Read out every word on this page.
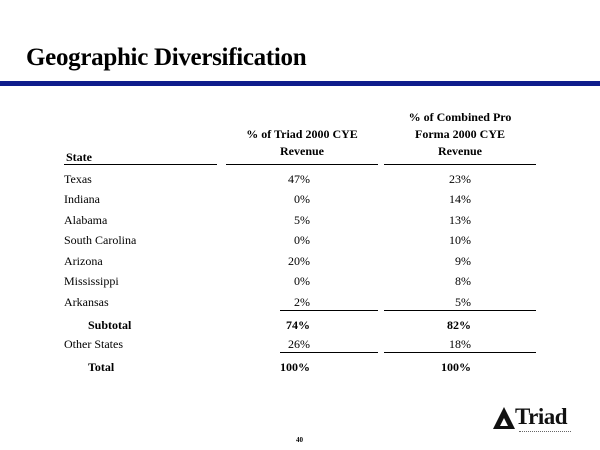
Geographic Diversification
State
% of Triad 2000 CYE
Revenue
% of Combined Pro
Forma 2000 CYE
Revenue
Texas	47%	23%
Indiana	0%	14%
Alabama	5%	13%
South Carolina	0%	10%
Arizona	20%	9%
Mississippi	0%	8%
Arkansas	2%	5%
Subtotal	74%	82%
Other States	26%	18%
Total	100%	100%
40
Triad
